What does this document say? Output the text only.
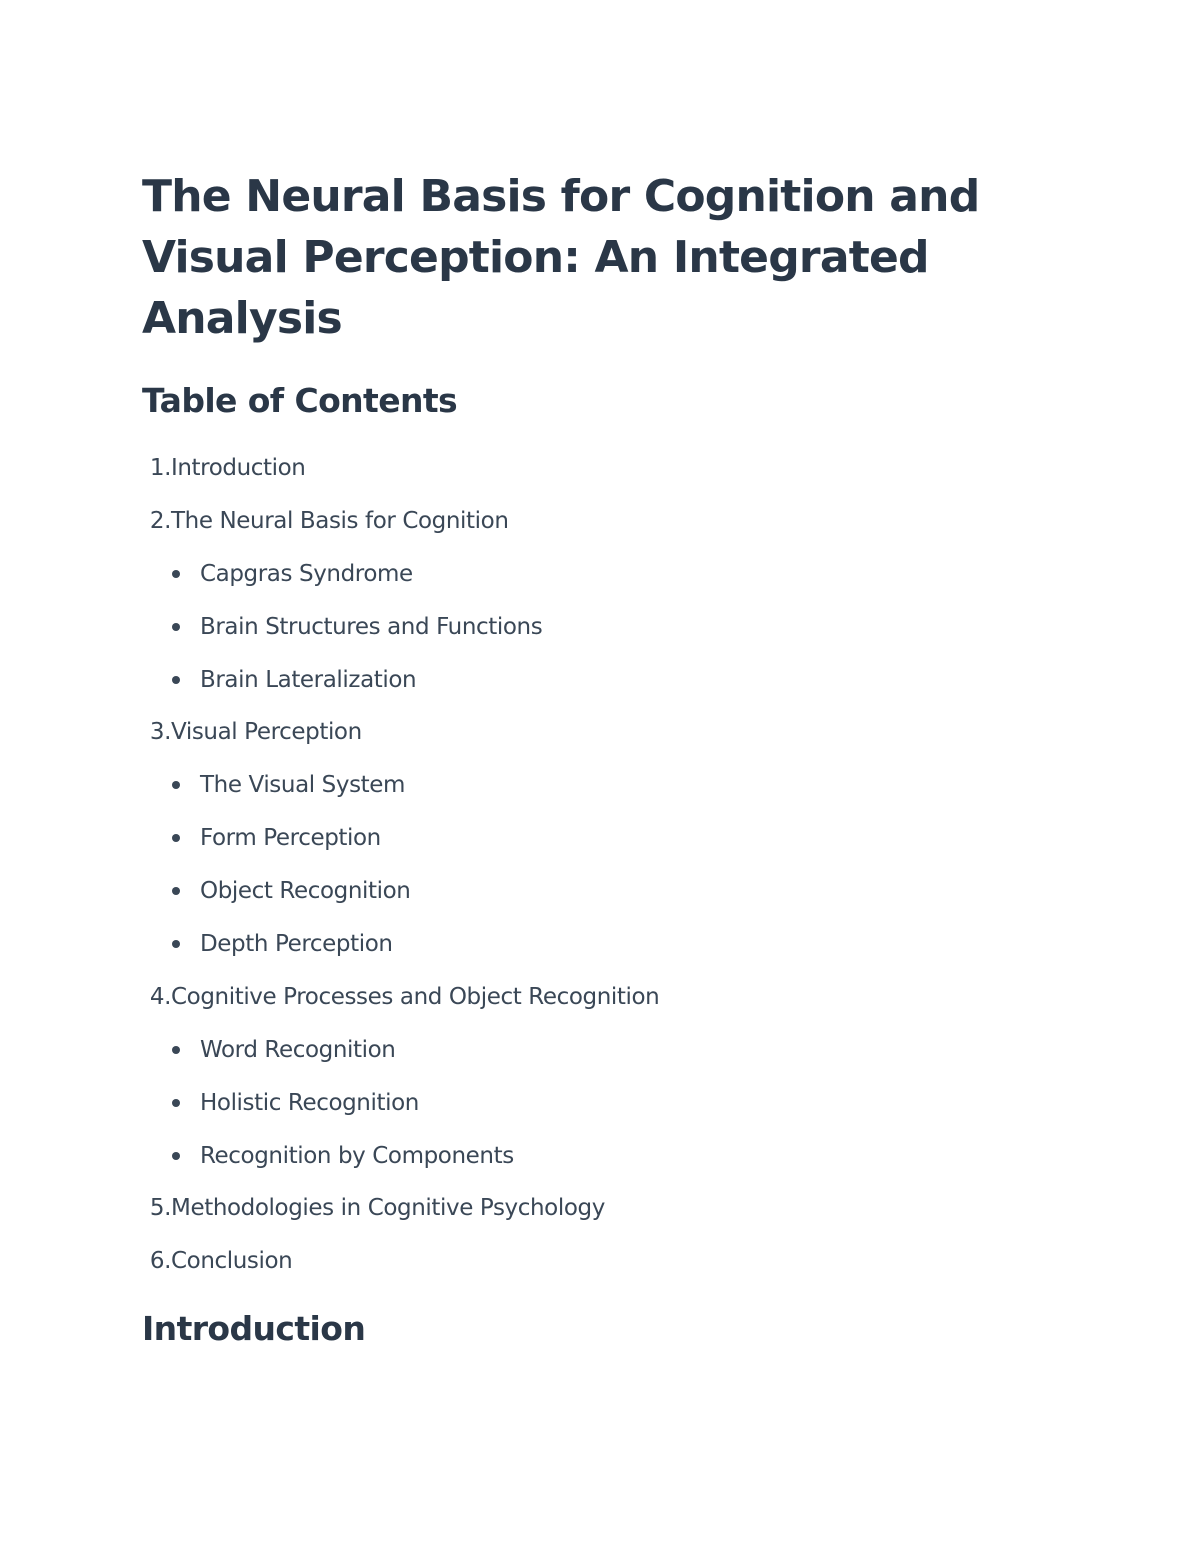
The Neural Basis for Cognition and Visual Perception: An Integrated Analysis
Table of Contents
1. Introduction
2. The Neural Basis for Cognition
Capgras Syndrome
Brain Structures and Functions
Brain Lateralization
3. Visual Perception
The Visual System
Form Perception
Object Recognition
Depth Perception
4. Cognitive Processes and Object Recognition
Word Recognition
Holistic Recognition
Recognition by Components
5. Methodologies in Cognitive Psychology
6. Conclusion
Introduction
